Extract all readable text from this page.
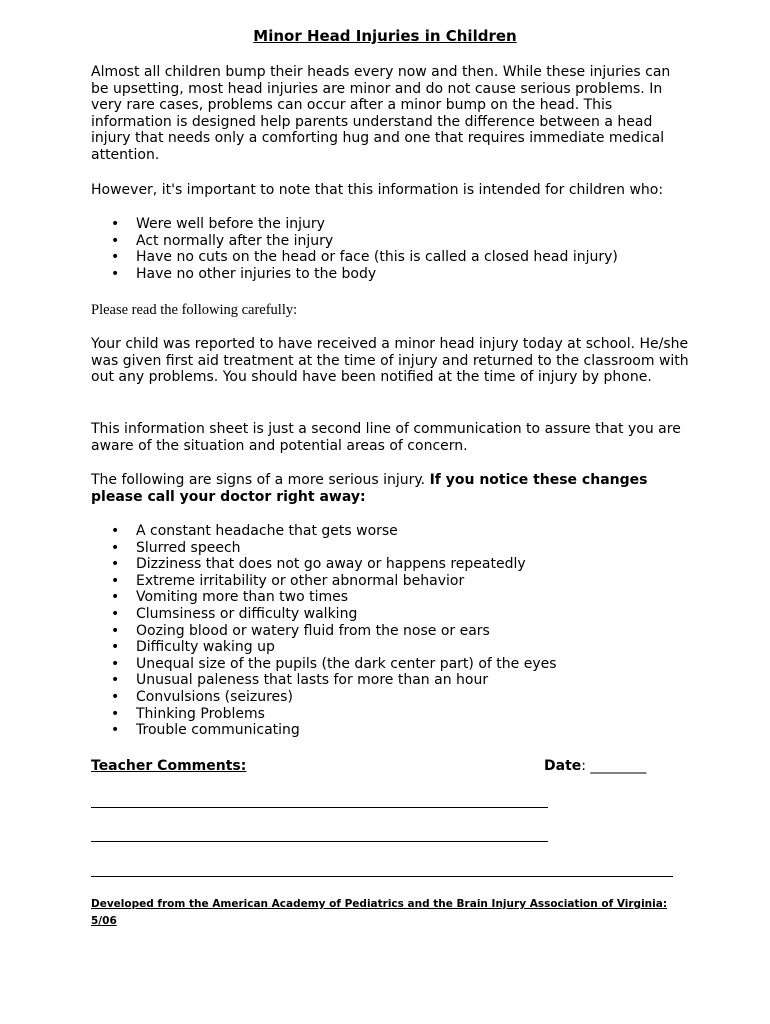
Minor Head Injuries in Children

Almost all children bump their heads every now and then. While these injuries can be upsetting, most head injuries are minor and do not cause serious problems. In very rare cases, problems can occur after a minor bump on the head. This information is designed help parents understand the difference between a head injury that needs only a comforting hug and one that requires immediate medical attention.

However, it's important to note that this information is intended for children who:

• Were well before the injury
• Act normally after the injury
• Have no cuts on the head or face (this is called a closed head injury)
• Have no other injuries to the body
Please read the following carefully:

Your child was reported to have received a minor head injury today at school. He/she was given first aid treatment at the time of injury and returned to the classroom with out any problems. You should have been notified at the time of injury by phone.

This information sheet is just a second line of communication to assure that you are aware of the situation and potential areas of concern.

The following are signs of a more serious injury. If you notice these changes please call your doctor right away:

• A constant headache that gets worse
• Slurred speech
• Dizziness that does not go away or happens repeatedly
• Extreme irritability or other abnormal behavior
• Vomiting more than two times
• Clumsiness or difficulty walking
• Oozing blood or watery fluid from the nose or ears
• Difficulty waking up
• Unequal size of the pupils (the dark center part) of the eyes
• Unusual paleness that lasts for more than an hour
• Convulsions (seizures)
• Thinking Problems
• Trouble communicating
Teacher Comments:	Date: ________
Developed from the American Academy of Pediatrics and the Brain Injury Association of Virginia: 5/06
